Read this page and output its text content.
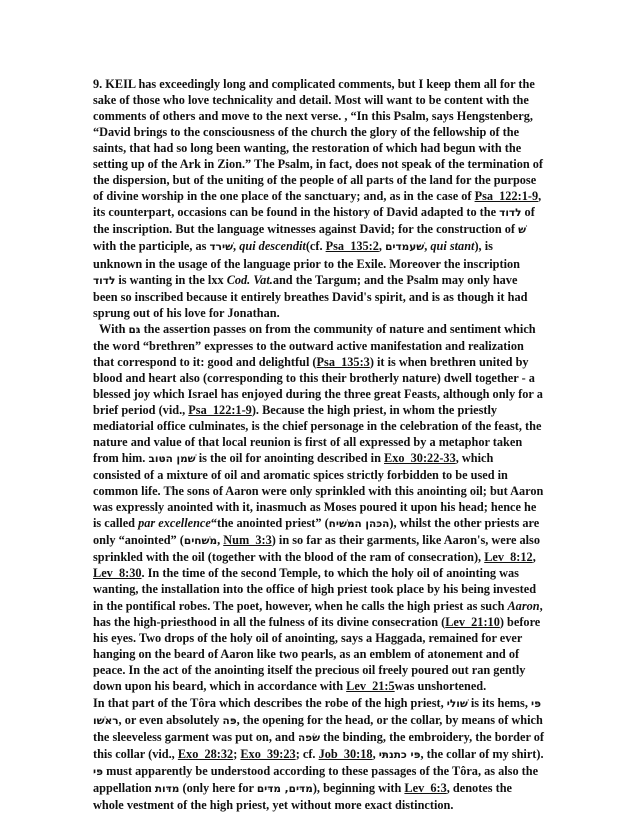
9. KEIL has exceedingly long and complicated comments, but I keep them all for the sake of those who love technicality and detail. Most will want to be content with the comments of others and move to the next verse. , “In this Psalm, says Hengstenberg, “David brings to the consciousness of the church the glory of the fellowship of the saints, that had so long been wanting, the restoration of which had begun with the setting up of the Ark in Zion.” The Psalm, in fact, does not speak of the termination of the dispersion, but of the uniting of the people of all parts of the land for the purpose of divine worship in the one place of the sanctuary; and, as in the case of Psa_122:1-9, its counterpart, occasions can be found in the history of David adapted to the לדוד of the inscription. But the language witnesses against David; for the construction of שׁ with the participle, as שׁירד, qui descendit(cf. Psa_135:2, שׁעמדים, qui stant), is unknown in the usage of the language prior to the Exile. Moreover the inscription לדוד is wanting in the lxx Cod. Vat.and the Targum; and the Psalm may only have been so inscribed because it entirely breathes David's spirit, and is as though it had sprung out of his love for Jonathan.

With גּם the assertion passes on from the community of nature and sentiment which the word “brethren” expresses to the outward active manifestation and realization that correspond to it: good and delightful (Psa_135:3) it is when brethren united by blood and heart also (corresponding to this their brotherly nature) dwell together - a blessed joy which Israel has enjoyed during the three great Feasts, although only for a brief period (vid., Psa_122:1-9). Because the high priest, in whom the priestly mediatorial office culminates, is the chief personage in the celebration of the feast, the nature and value of that local reunion is first of all expressed by a metaphor taken from him. שׁמן הטּוב is the oil for anointing described in Exo_30:22-33, which consisted of a mixture of oil and aromatic spices strictly forbidden to be used in common life. The sons of Aaron were only sprinkled with this anointing oil; but Aaron was expressly anointed with it, inasmuch as Moses poured it upon his head; hence he is called par excellence“the anointed priest” (הכּהן המּשׁיח), whilst the other priests are only “anointed” (משׁחים, Num_3:3) in so far as their garments, like Aaron's, were also sprinkled with the oil (together with the blood of the ram of consecration), Lev_8:12, Lev_8:30. In the time of the second Temple, to which the holy oil of anointing was wanting, the installation into the office of high priest took place by his being invested in the pontifical robes. The poet, however, when he calls the high priest as such Aaron, has the high-priesthood in all the fulness of its divine consecration (Lev_21:10) before his eyes. Two drops of the holy oil of anointing, says a Haggada, remained for ever hanging on the beard of Aaron like two pearls, as an emblem of atonement and of peace. In the act of the anointing itself the precious oil freely poured out ran gently down upon his beard, which in accordance with Lev_21:5was unshortened.

In that part of the Tôra which describes the robe of the high priest, שׁולי is its hems, פּי ראשׁו, or even absolutely פּה, the opening for the head, or the collar, by means of which the sleeveless garment was put on, and שׂפה the binding, the embroidery, the border of this collar (vid., Exo_28:32; Exo_39:23; cf. Job_30:18, פּי כתנתּי, the collar of my shirt). פּי must apparently be understood according to these passages of the Tôra, as also the appellation מדּות (only here for מדּים, מדּים), beginning with Lev_6:3, denotes the whole vestment of the high priest, yet without more exact distinction.
